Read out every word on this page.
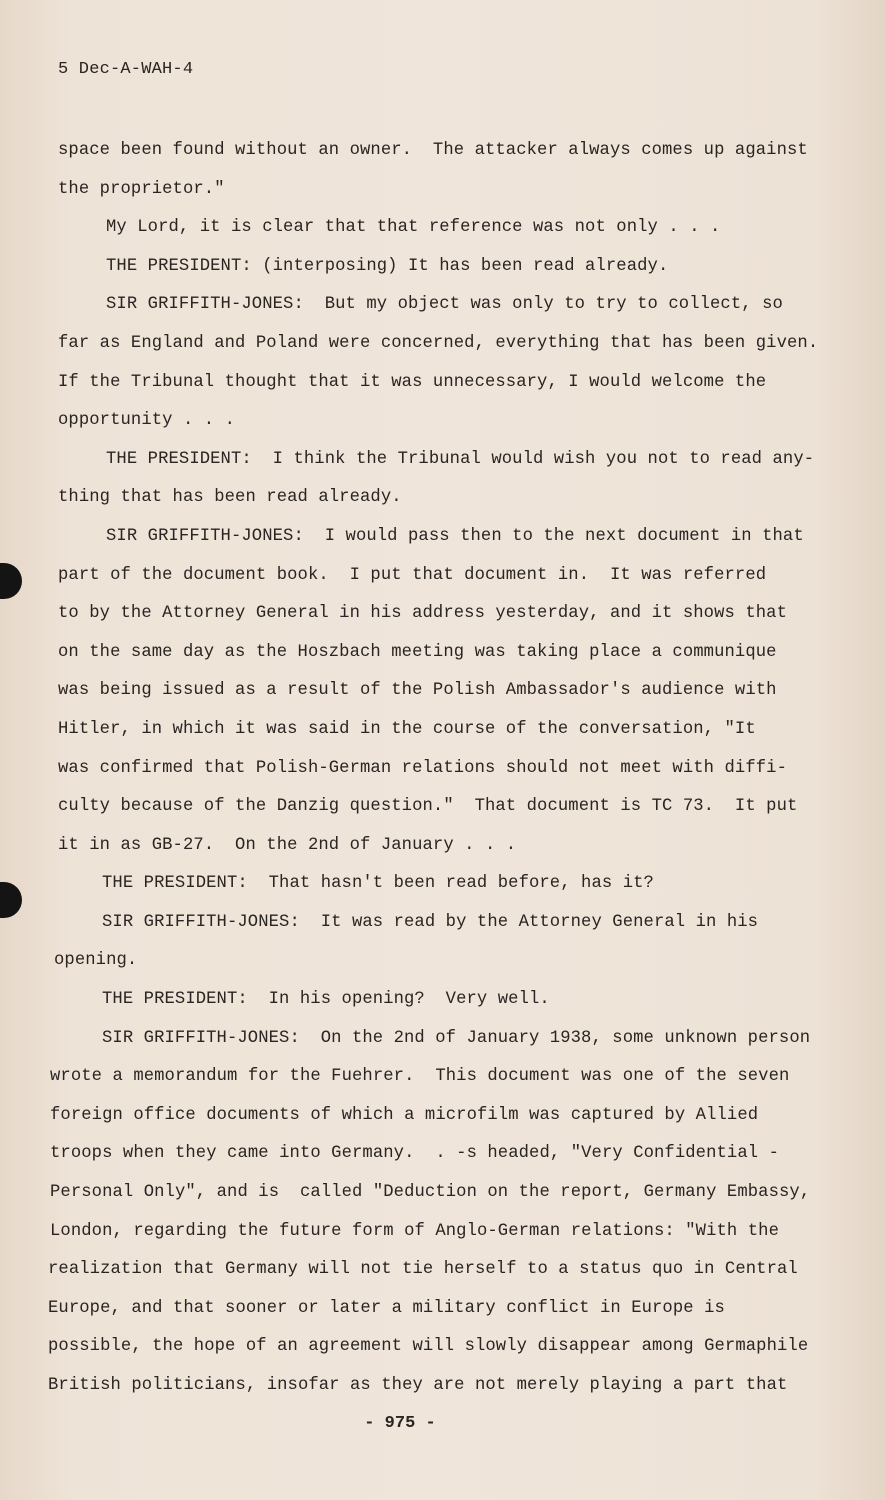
5 Dec-A-WAH-4
space been found without an owner.  The attacker always comes up against
the proprietor."
My Lord, it is clear that that reference was not only . . .
THE PRESIDENT: (interposing) It has been read already.
SIR GRIFFITH-JONES:  But my object was only to try to collect, so
far as England and Poland were concerned, everything that has been given.
If the Tribunal thought that it was unnecessary, I would welcome the
opportunity . . .
THE PRESIDENT:  I think the Tribunal would wish you not to read any-
thing that has been read already.
SIR GRIFFITH-JONES:  I would pass then to the next document in that
part of the document book.  I put that document in.  It was referred
to by the Attorney General in his address yesterday, and it shows that
on the same day as the Hoszbach meeting was taking place a communique
was being issued as a result of the Polish Ambassador's audience with
Hitler, in which it was said in the course of the conversation, "It
was confirmed that Polish-German relations should not meet with diffi-
culty because of the Danzig question."  That document is TC 73.  It put
it in as GB-27.  On the 2nd of January . . .
THE PRESIDENT:  That hasn't been read before, has it?
SIR GRIFFITH-JONES:  It was read by the Attorney General in his
opening.
THE PRESIDENT:  In his opening?  Very well.
SIR GRIFFITH-JONES:  On the 2nd of January 1938, some unknown person
wrote a memorandum for the Fuehrer.  This document was one of the seven
foreign office documents of which a microfilm was captured by Allied
troops when they came into Germany.  . -s headed, "Very Confidential -
Personal Only", and is  called "Deduction on the report, Germany Embassy,
London, regarding the future form of Anglo-German relations: "With the
realization that Germany will not tie herself to a status quo in Central
Europe, and that sooner or later a military conflict in Europe is
possible, the hope of an agreement will slowly disappear among Germaphile
British politicians, insofar as they are not merely playing a part that
- 975 -
